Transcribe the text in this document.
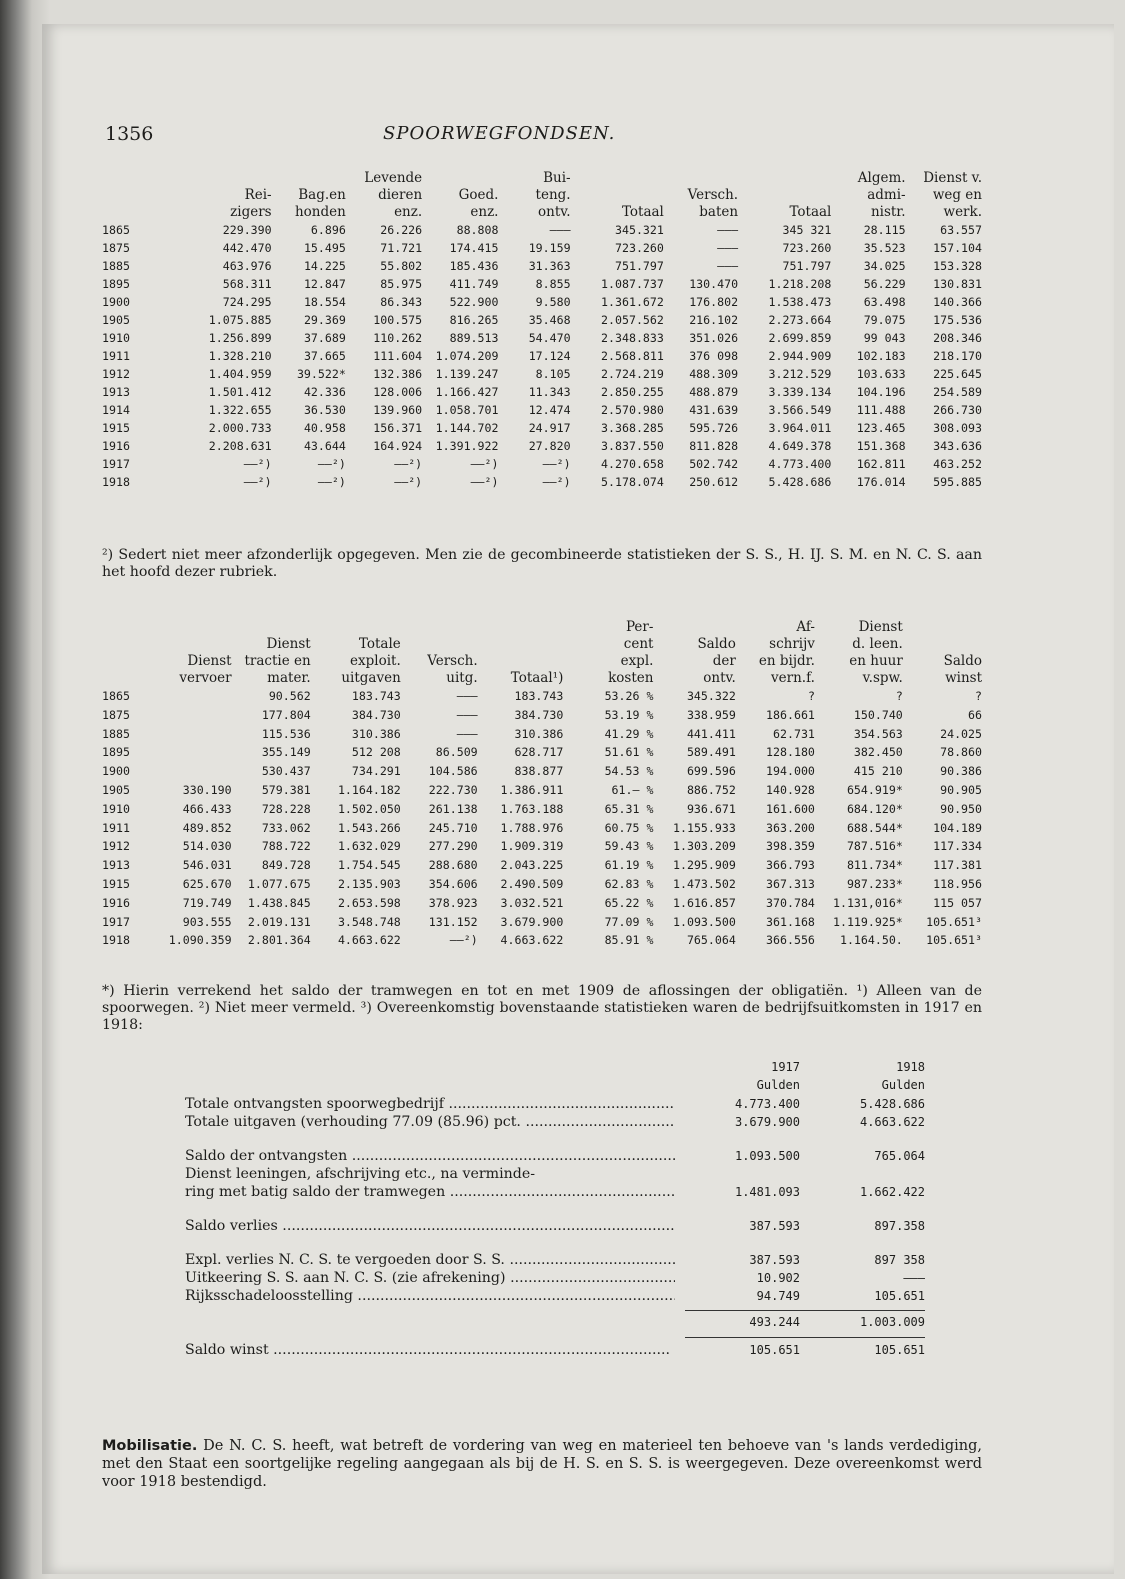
1356	SPOORWEGFONDSEN.
			Levende		Bui-				Algem.	Dienst v.
	Rei-	Bag.en	dieren	Goed.	teng.		Versch.		admi-	weg en
	zigers	honden	enz.	enz.	ontv.	Totaal	baten	Totaal	nistr.	werk.
1865	229.390	6.896	26.226	88.808	———	345.321	———	345 321	28.115	63.557
1875	442.470	15.495	71.721	174.415	19.159	723.260	———	723.260	35.523	157.104
1885	463.976	14.225	55.802	185.436	31.363	751.797	———	751.797	34.025	153.328
1895	568.311	12.847	85.975	411.749	8.855	1.087.737	130.470	1.218.208	56.229	130.831
1900	724.295	18.554	86.343	522.900	9.580	1.361.672	176.802	1.538.473	63.498	140.366
1905	1.075.885	29.369	100.575	816.265	35.468	2.057.562	216.102	2.273.664	79.075	175.536
1910	1.256.899	37.689	110.262	889.513	54.470	2.348.833	351.026	2.699.859	99 043	208.346
1911	1.328.210	37.665	111.604	1.074.209	17.124	2.568.811	376 098	2.944.909	102.183	218.170
1912	1.404.959	39.522*	132.386	1.139.247	8.105	2.724.219	488.309	3.212.529	103.633	225.645
1913	1.501.412	42.336	128.006	1.166.427	11.343	2.850.255	488.879	3.339.134	104.196	254.589
1914	1.322.655	36.530	139.960	1.058.701	12.474	2.570.980	431.639	3.566.549	111.488	266.730
1915	2.000.733	40.958	156.371	1.144.702	24.917	3.368.285	595.726	3.964.011	123.465	308.093
1916	2.208.631	43.644	164.924	1.391.922	27.820	3.837.550	811.828	4.649.378	151.368	343.636
1917	——²)	——²)	——²)	——²)	——²)	4.270.658	502.742	4.773.400	162.811	463.252
1918	——²)	——²)	——²)	——²)	——²)	5.178.074	250.612	5.428.686	176.014	595.885
²) Sedert niet meer afzonderlijk opgegeven. Men zie de gecombineerde statistieken der S. S., H. IJ. S. M. en N. C. S. aan het hoofd dezer rubriek.
						Per-		Af-	Dienst	
		Dienst	Totale			cent	Saldo	schrijv	d. leen.	
	Dienst	tractie en	exploit.	Versch.		expl.	der	en bijdr.	en huur	Saldo
	vervoer	mater.	uitgaven	uitg.	Totaal¹)	kosten	ontv.	vern.f.	v.spw.	winst
1865		90.562	183.743	———	183.743	53.26 %	345.322	?	?	?
1875		177.804	384.730	———	384.730	53.19 %	338.959	186.661	150.740	66
1885		115.536	310.386	———	310.386	41.29 %	441.411	62.731	354.563	24.025
1895		355.149	512 208	86.509	628.717	51.61 %	589.491	128.180	382.450	78.860
1900		530.437	734.291	104.586	838.877	54.53 %	699.596	194.000	415 210	90.386
1905	330.190	579.381	1.164.182	222.730	1.386.911	61.— %	886.752	140.928	654.919*	90.905
1910	466.433	728.228	1.502.050	261.138	1.763.188	65.31 %	936.671	161.600	684.120*	90.950
1911	489.852	733.062	1.543.266	245.710	1.788.976	60.75 %	1.155.933	363.200	688.544*	104.189
1912	514.030	788.722	1.632.029	277.290	1.909.319	59.43 %	1.303.209	398.359	787.516*	117.334
1913	546.031	849.728	1.754.545	288.680	2.043.225	61.19 %	1.295.909	366.793	811.734*	117.381
1915	625.670	1.077.675	2.135.903	354.606	2.490.509	62.83 %	1.473.502	367.313	987.233*	118.956
1916	719.749	1.438.845	2.653.598	378.923	3.032.521	65.22 %	1.616.857	370.784	1.131,016*	115 057
1917	903.555	2.019.131	3.548.748	131.152	3.679.900	77.09 %	1.093.500	361.168	1.119.925*	105.651³
1918	1.090.359	2.801.364	4.663.622	——²)	4.663.622	85.91 %	765.064	366.556	1.164.50.	105.651³
*) Hierin verrekend het saldo der tramwegen en tot en met 1909 de aflossingen der obligatiën. ¹) Alleen van de spoorwegen. ²) Niet meer vermeld. ³) Overeenkomstig bovenstaande statistieken waren de bedrijfsuitkomsten in 1917 en 1918:
1917	1918
Gulden	Gulden
Totale ontvangsten spoorwegbedrijf .....	4.773.400	5.428.686
Totale uitgaven (verhouding 77.09 (85.96) pct. .....	3.679.900	4.663.622
Saldo der ontvangsten .....	1.093.500	765.064
Dienst leeningen, afschrijving etc., na verminde-
ring met batig saldo der tramwegen .....	1.481.093	1.662.422
Saldo verlies .....	387.593	897.358
Expl. verlies N. C. S. te vergoeden door S. S. .....	387.593	897 358
Uitkeering S. S. aan N. C. S. (zie afrekening) .....	10.902	———
Rijksschadeloosstelling .....	94.749	105.651
493.244	1.003.009
Saldo winst .....	105.651	105.651
Mobilisatie. De N. C. S. heeft, wat betreft de vordering van weg en materieel ten behoeve van 's lands verdediging, met den Staat een soortgelijke regeling aangegaan als bij de H. S. en S. S. is weergegeven. Deze overeenkomst werd voor 1918 bestendigd.
